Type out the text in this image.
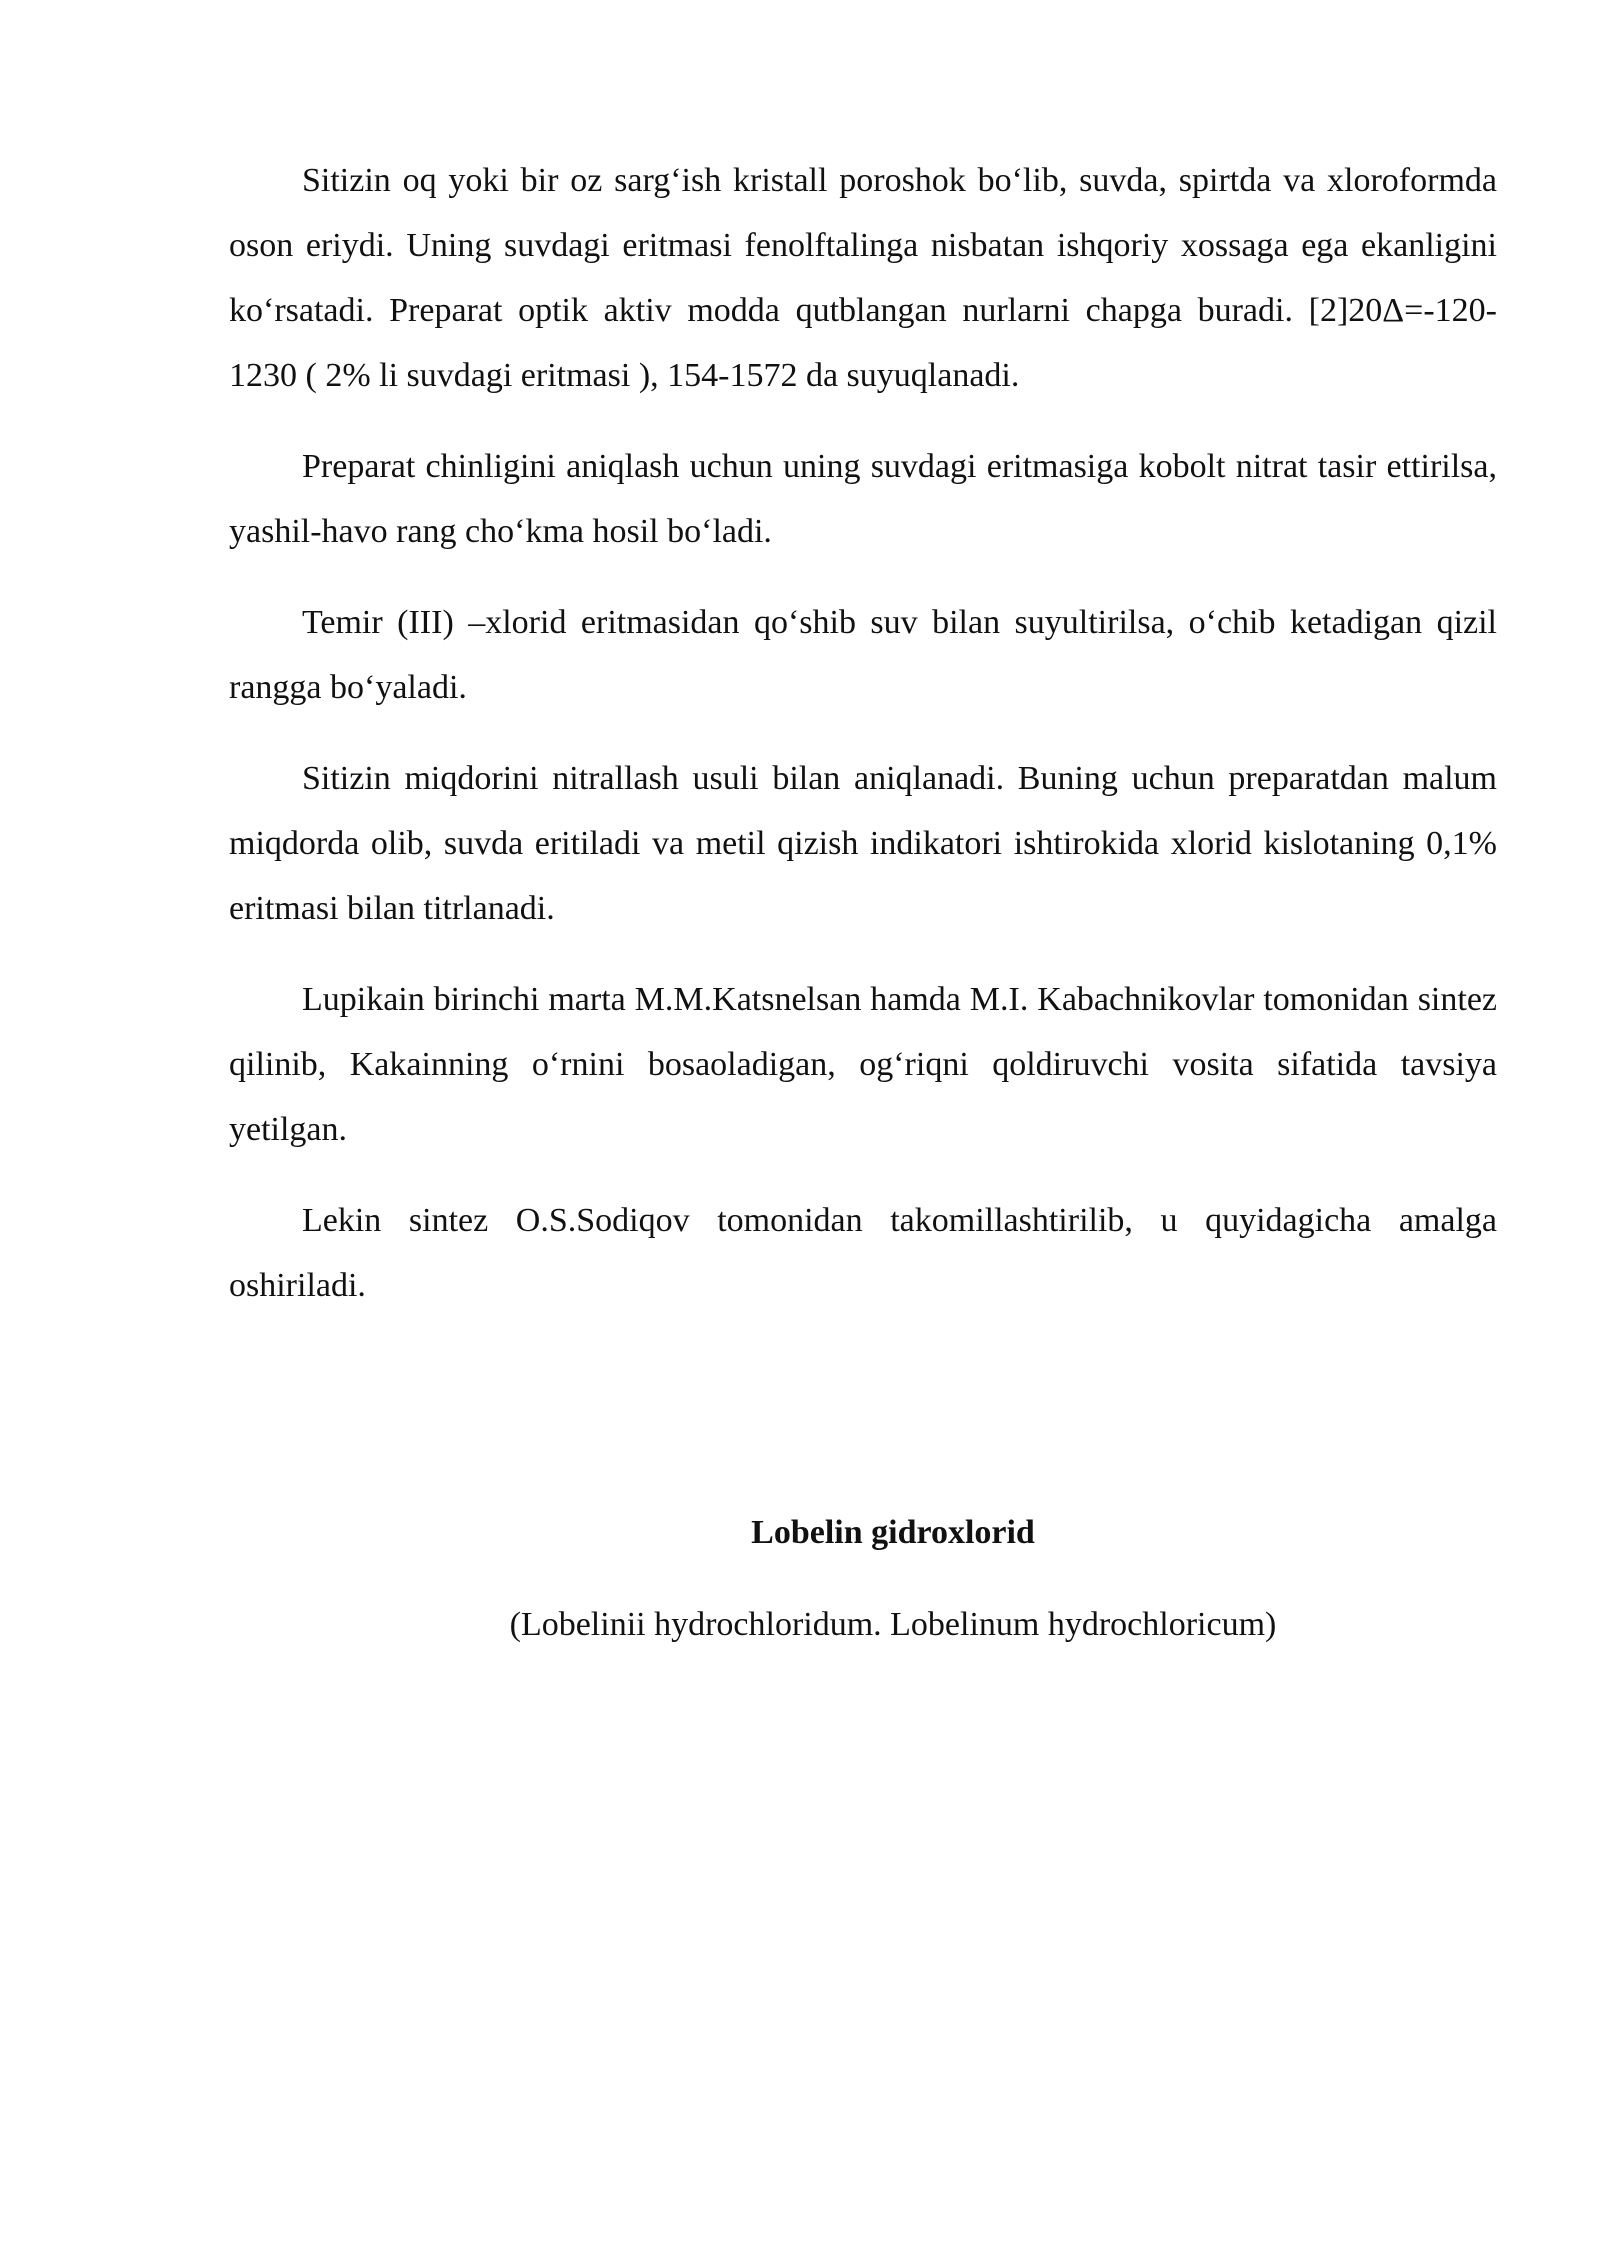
Sitizin oq yoki bir oz sarg‘ish kristall poroshok bo‘lib, suvda, spirtda va xloroformda oson eriydi. Uning suvdagi eritmasi fenolftalinga nisbatan ishqoriy xossaga ega ekanligini ko‘rsatadi. Preparat optik aktiv modda qutblangan nurlarni chapga buradi. [2]20Δ=-120-1230 ( 2% li suvdagi eritmasi ), 154-1572 da suyuqlanadi.

Preparat chinligini aniqlash uchun uning suvdagi eritmasiga kobolt nitrat tasir ettirilsa, yashil-havo rang cho‘kma hosil bo‘ladi.

Temir (III) –xlorid eritmasidan qo‘shib suv bilan suyultirilsa, o‘chib ketadigan qizil rangga bo‘yaladi.

Sitizin miqdorini nitrallash usuli bilan aniqlanadi. Buning uchun preparatdan malum miqdorda olib, suvda eritiladi va metil qizish indikatori ishtirokida xlorid kislotaning 0,1% eritmasi bilan titrlanadi.

Lupikain birinchi marta M.M.Katsnelsan hamda M.I. Kabachnikovlar tomonidan sintez qilinib, Kakainning o‘rnini bosaoladigan, og‘riqni qoldiruvchi vosita sifatida tavsiya yetilgan.

Lekin sintez O.S.Sodiqov tomonidan takomillashtirilib, u quyidagicha amalga oshiriladi.

Lobelin gidroxlorid

(Lobelinii hydrochloridum. Lobelinum hydrochloricum)
